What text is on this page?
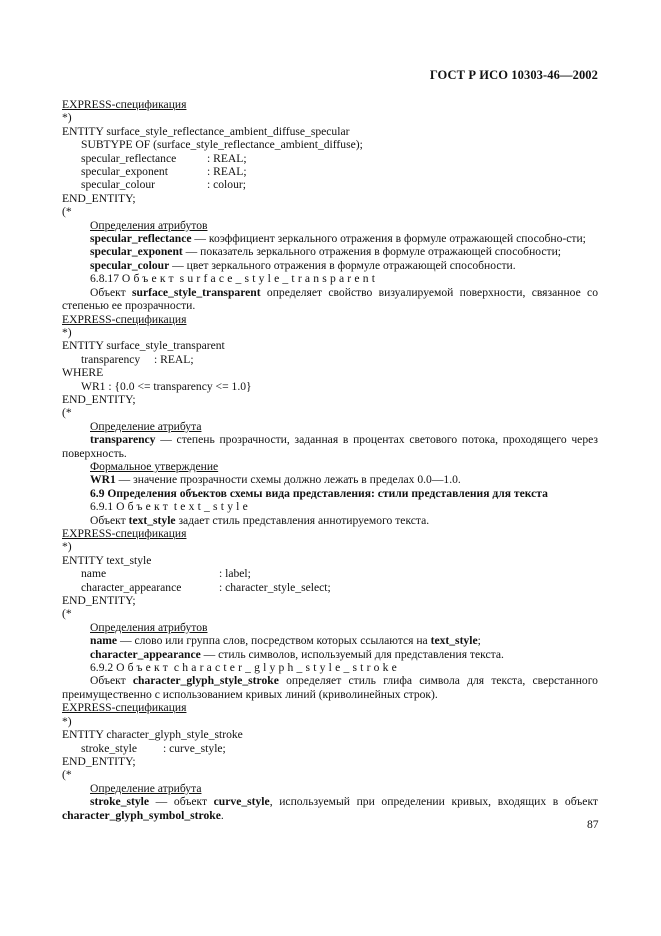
ГОСТ Р ИСО 10303-46—2002
EXPRESS-спецификация
*)
ENTITY surface_style_reflectance_ambient_diffuse_specular
SUBTYPE OF (surface_style_reflectance_ambient_diffuse);
specular_reflectance	: REAL;
specular_exponent	: REAL;
specular_colour	: colour;
END_ENTITY;
(*
Определения атрибутов
specular_reflectance — коэффициент зеркального отражения в формуле отражающей способно-сти;
specular_exponent — показатель зеркального отражения в формуле отражающей способности;
specular_colour — цвет зеркального отражения в формуле отражающей способности.
6.8.17 Объект surface_style_transparent
Объект surface_style_transparent определяет свойство визуалируемой поверхности, связанное со степенью ее прозрачности.
EXPRESS-спецификация
*)
ENTITY surface_style_transparent
transparency	: REAL;
WHERE
WR1 : {0.0 <= transparency <= 1.0}
END_ENTITY;
(*
Определение атрибута
transparency — степень прозрачности, заданная в процентах светового потока, проходящего через поверхность.
Формальное утверждение
WR1 — значение прозрачности схемы должно лежать в пределах 0.0—1.0.
6.9 Определения объектов схемы вида представления: стили представления для текста
6.9.1 Объект text_style
Объект text_style задает стиль представления аннотируемого текста.
EXPRESS-спецификация
*)
ENTITY text_style
name	: label;
character_appearance	: character_style_select;
END_ENTITY;
(*
Определения атрибутов
name — слово или группа слов, посредством которых ссылаются на text_style;
character_appearance — стиль символов, используемый для представления текста.
6.9.2 Объект character_glyph_style_stroke
Объект character_glyph_style_stroke определяет стиль глифа символа для текста, сверстанного преимущественно с использованием кривых линий (криволинейных строк).
EXPRESS-спецификация
*)
ENTITY character_glyph_style_stroke
stroke_style	: curve_style;
END_ENTITY;
(*
Определение атрибута
stroke_style — объект curve_style, используемый при определении кривых, входящих в объект character_glyph_symbol_stroke.
87
